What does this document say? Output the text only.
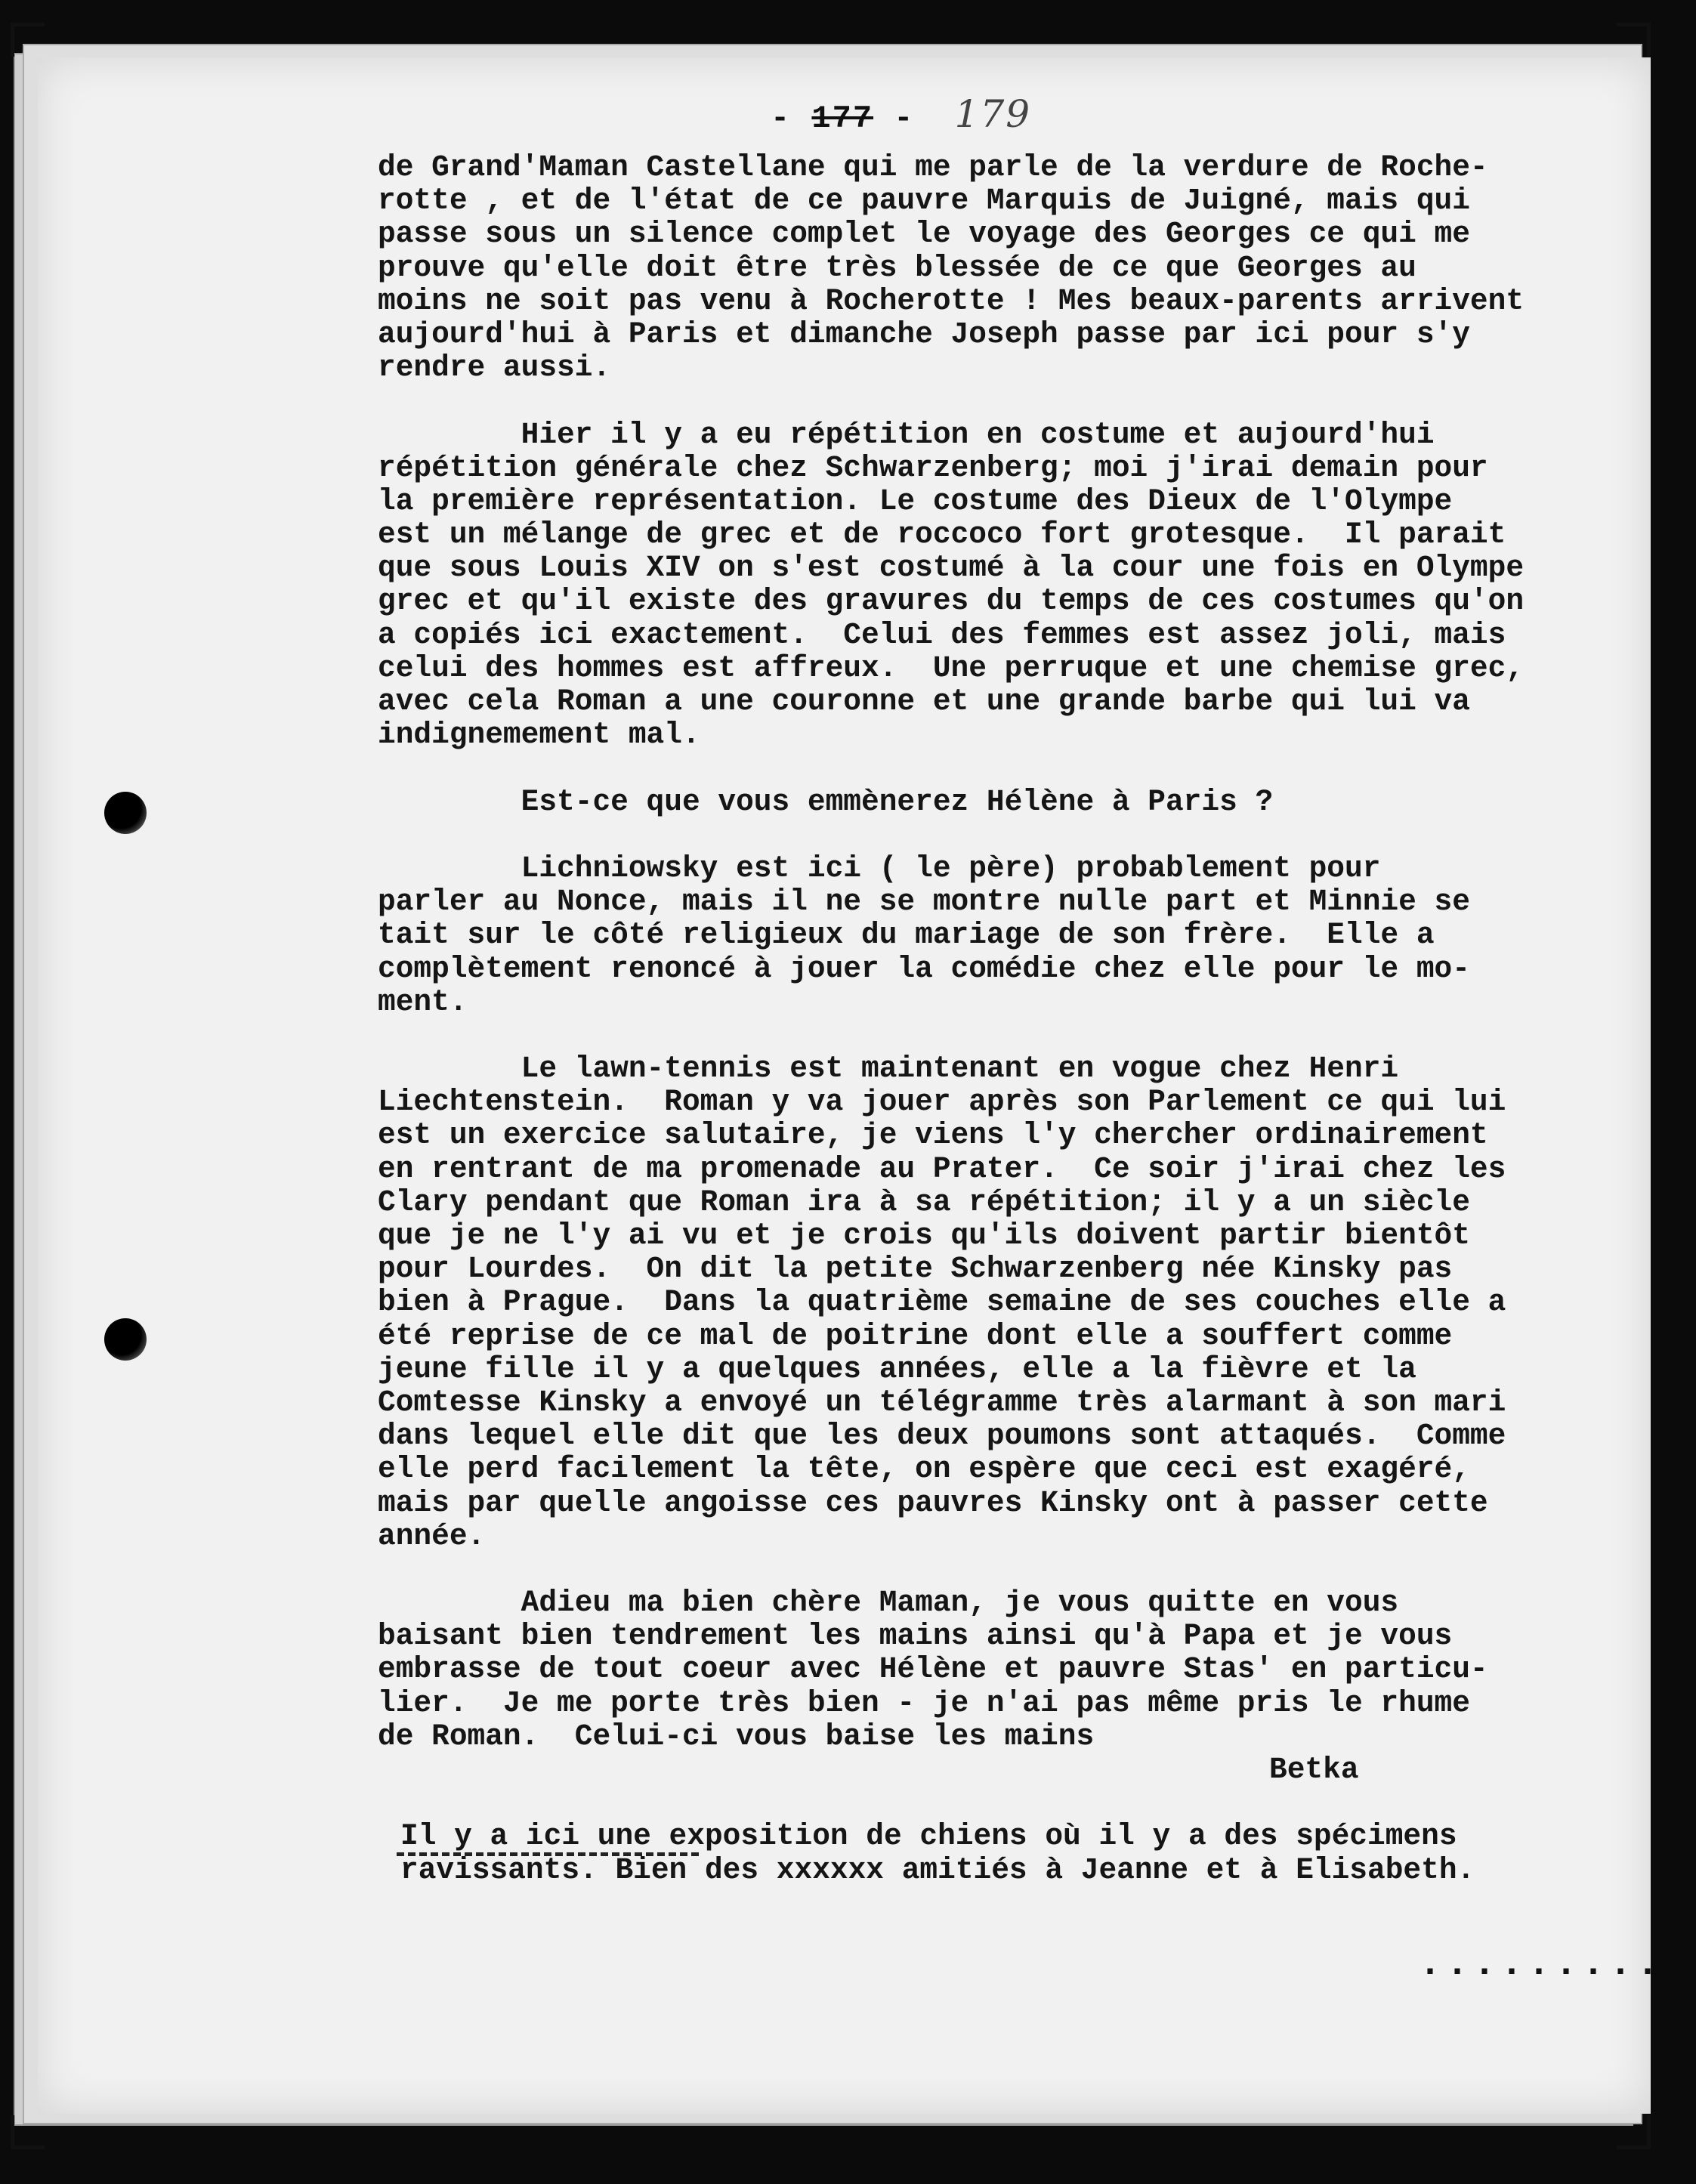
- 177 - 179
de Grand'Maman Castellane qui me parle de la verdure de Roche-
rotte , et de l'état de ce pauvre Marquis de Juigné, mais qui
passe sous un silence complet le voyage des Georges ce qui me
prouve qu'elle doit être très blessée de ce que Georges au
moins ne soit pas venu à Rocherotte ! Mes beaux-parents arrivent
aujourd'hui à Paris et dimanche Joseph passe par ici pour s'y
rendre aussi.
Hier il y a eu répétition en costume et aujourd'hui
répétition générale chez Schwarzenberg; moi j'irai demain pour
la première représentation. Le costume des Dieux de l'Olympe
est un mélange de grec et de roccoco fort grotesque.  Il parait
que sous Louis XIV on s'est costumé à la cour une fois en Olympe
grec et qu'il existe des gravures du temps de ces costumes qu'on
a copiés ici exactement.  Celui des femmes est assez joli, mais
celui des hommes est affreux.  Une perruque et une chemise grec,
avec cela Roman a une couronne et une grande barbe qui lui va
indignemement mal.
Est-ce que vous emmènerez Hélène à Paris ?
Lichniowsky est ici ( le père) probablement pour
parler au Nonce, mais il ne se montre nulle part et Minnie se
tait sur le côté religieux du mariage de son frère.  Elle a
complètement renoncé à jouer la comédie chez elle pour le mo-
ment.
Le lawn-tennis est maintenant en vogue chez Henri
Liechtenstein.  Roman y va jouer après son Parlement ce qui lui
est un exercice salutaire, je viens l'y chercher ordinairement
en rentrant de ma promenade au Prater.  Ce soir j'irai chez les
Clary pendant que Roman ira à sa répétition; il y a un siècle
que je ne l'y ai vu et je crois qu'ils doivent partir bientôt
pour Lourdes.  On dit la petite Schwarzenberg née Kinsky pas
bien à Prague.  Dans la quatrième semaine de ses couches elle a
été reprise de ce mal de poitrine dont elle a souffert comme
jeune fille il y a quelques années, elle a la fièvre et la
Comtesse Kinsky a envoyé un télégramme très alarmant à son mari
dans lequel elle dit que les deux poumons sont attaqués.  Comme
elle perd facilement la tête, on espère que ceci est exagéré,
mais par quelle angoisse ces pauvres Kinsky ont à passer cette
année.
Adieu ma bien chère Maman, je vous quitte en vous
baisant bien tendrement les mains ainsi qu'à Papa et je vous
embrasse de tout coeur avec Hélène et pauvre Stas' en particu-
lier.  Je me porte très bien - je n'ai pas même pris le rhume
de Roman.  Celui-ci vous baise les mains
Betka
Il y a ici une exposition de chiens où il y a des spécimens
ravissants. Bien des xxxxxx amitiés à Jeanne et à Elisabeth.
.........
